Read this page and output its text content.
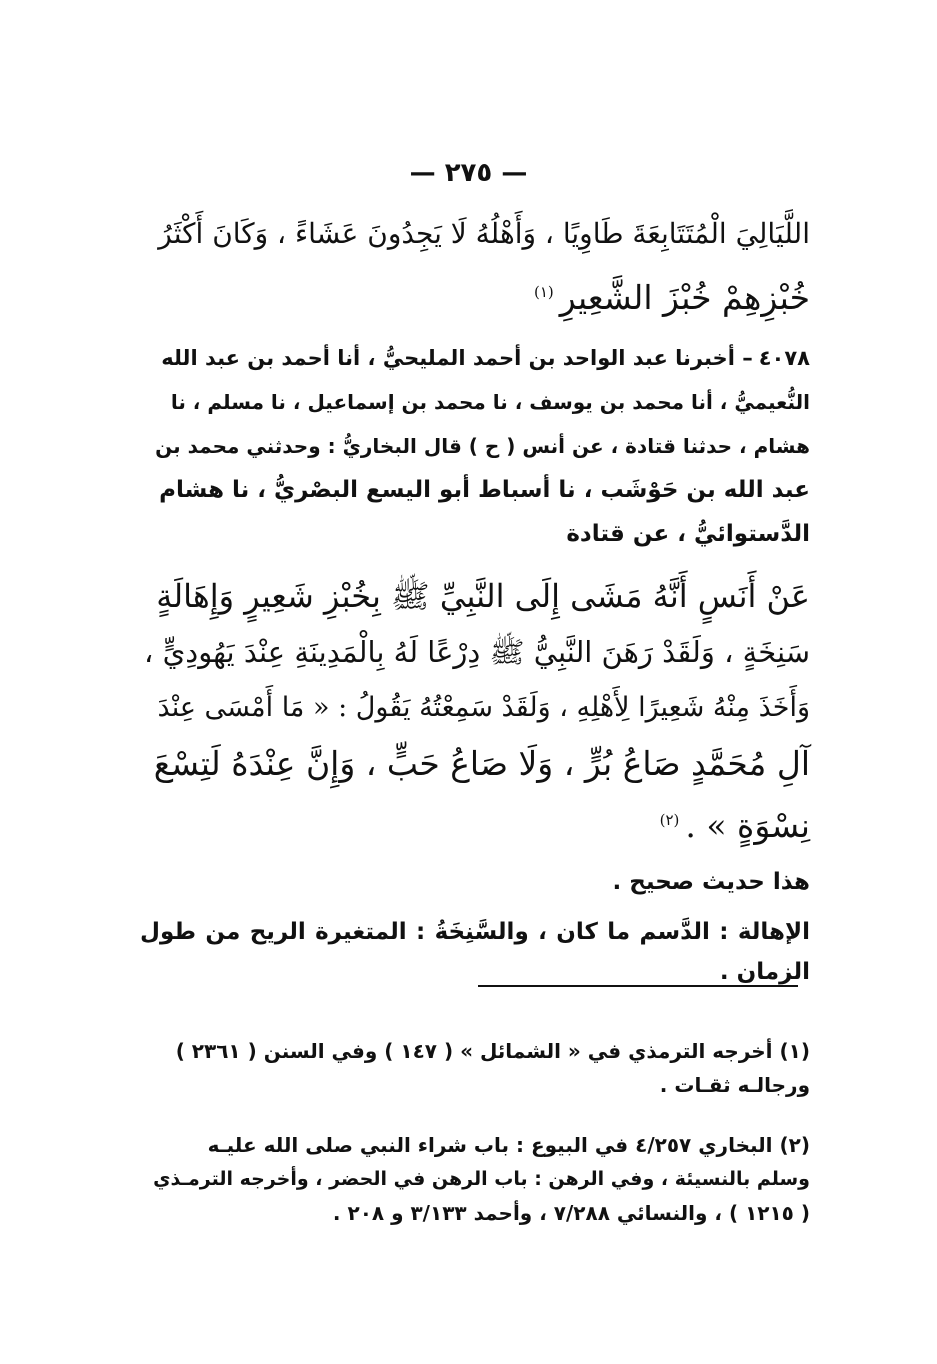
— ٢٧٥ —
اللَّيَالِيَ الْمُتَتَابِعَةَ طَاوِيًا ، وَأَهْلُهُ لَا يَجِدُونَ عَشَاءً ، وَكَانَ أَكْثَرُ
خُبْزِهِمْ خُبْزَ الشَّعِيرِ$^{(١)}$
٤٠٧٨– أخبرنا عبد الواحد بن أحمد المليحيُّ ، أنا أحمد بن عبد الله
النُّعيميُّ ، أنا محمد بن يوسف ، نا محمد بن إسماعيل ، نا مسلم ، نا
هشام ، حدثنا قتادة ، عن أنس ( ح ) قال البخاريُّ : وحدثني محمد بن
عبد الله بن حَوْشَب ، نا أسباط أبو اليسع البصْريُّ ، نا هشام
الدَّستوائيُّ ، عن قتادة
عَنْ أَنَسٍ أَنَّهُ مَشَى إِلَى النَّبِيِّ ﷺ بِخُبْزِ شَعِيرٍ وَإِهَالَةٍ
سَنِخَةٍ ، وَلَقَدْ رَهَنَ النَّبِيُّ ﷺ دِرْعًا لَهُ بِالْمَدِينَةِ عِنْدَ يَهُودِيٍّ ،
وَأَخَذَ مِنْهُ شَعِيرًا لِأَهْلِهِ ، وَلَقَدْ سَمِعْتُهُ يَقُولُ : « مَا أَمْسَى عِنْدَ
آلِ مُحَمَّدٍ صَاعُ بُرٍّ ، وَلَا صَاعُ حَبٍّ ، وَإِنَّ عِنْدَهُ لَتِسْعَ
نِسْوَةٍ » .$^{(٢)}$
هذا حديث صحيح .
الإهالة : الدَّسم ما كان ، والسَّنِخَةُ : المتغيرة الريح من طول الزمان .
(١) أخرجه الترمذي في « الشمائل » ( ١٤٧ ) وفي السنن ( ٢٣٦١ )
ورجالـه ثقـات .
(٢) البخاري ٤/٢٥٧ في البيوع : باب شراء النبي صلى الله عليـه
وسلم بالنسيئة ، وفي الرهن : باب الرهن في الحضر ، وأخرجه الترمـذي
( ١٢١٥ ) ، والنسائي ٧/٢٨٨ ، وأحمد ٣/١٣٣ و ٢٠٨ .
